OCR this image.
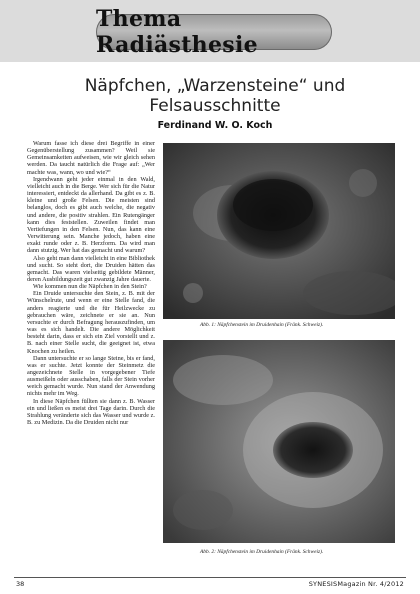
Thema Radiästhesie
Näpfchen, „Warzensteine“ und
Felsausschnitte
Ferdinand W. O. Koch

Warum fasse ich diese drei Begriffe in einer Gegenüberstellung zusammen? Weil sie Gemeinsamkeiten aufweisen, wie wir gleich sehen werden. Da taucht natürlich die Frage auf: „Wer machte was, wann, wo und wie?“

Irgendwann geht jeder einmal in den Wald, vielleicht auch in die Berge. Wer sich für die Natur interessiert, entdeckt da allerhand. Da gibt es z. B. kleine und große Felsen. Die meisten sind belanglos, doch es gibt auch welche, die negativ und andere, die positiv strahlen. Ein Rutengänger kann dies feststellen. Zuweilen findet man Vertiefungen in den Felsen. Nun, das kann eine Verwitterung sein. Manche jedoch, haben eine exakt runde oder z. B. Herzform. Da wird man dann stutzig. Wer hat das gemacht und warum?

Also geht man dann vielleicht in eine Bibliothek und sucht. So steht dort, die Druiden hätten das gemacht. Das waren vielseitig gebildete Männer, deren Ausbildungszeit gut zwanzig Jahre dauerte.

Wie kommen nun die Näpfchen in den Stein?

Ein Druide untersuchte den Stein, z. B. mit der Wünschelrute, und wenn er eine Stelle fand, die anders reagierte und die für Heilzwecke zu gebrauchen wäre, zeichnete er sie an. Nun versuchte er durch Befragung herauszufinden, um was es sich handelt. Die andere Möglichkeit besteht darin, dass er sich ein Ziel vorstellt und z. B. nach einer Stelle sucht, die geeignet ist, etwa Knochen zu heilen.

Dann untersuchte er so lange Steine, bis er fand, was er suchte. Jetzt konnte der Steinmetz die angezeichnete Stelle in vorgegebener Tiefe ausmeißeln oder ausschaben, falls der Stein vorher weich gemacht wurde. Nun stand der Anwendung nichts mehr im Weg.

In diese Näpfchen füllten sie dann z. B. Wasser ein und ließen es meist drei Tage darin. Durch die Strahlung veränderte sich das Wasser und wurde z. B. zu Medizin. Da die Druiden nicht nur

Abb. 1: Näpfchenstein im Druidenhain (Fränk. Schweiz).
Abb. 2: Näpfchenstein im Druidenhain (Fränk. Schweiz).
38	SYNESISMagazin Nr. 4/2012
